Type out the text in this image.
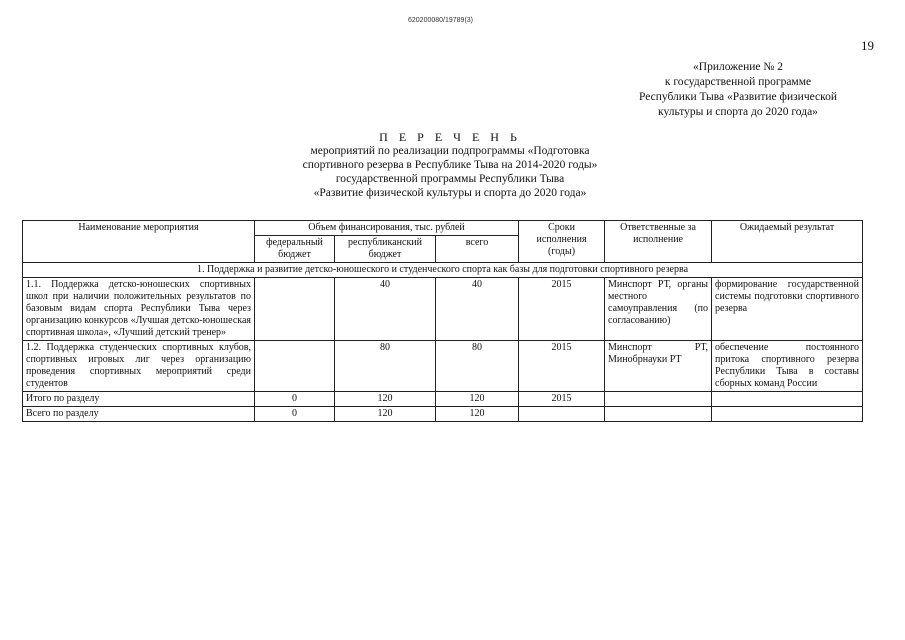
620200080/19789(3)
19
«Приложение № 2
к государственной программе
Республики Тыва «Развитие физической
культуры и спорта до 2020 года»
П Е Р Е Ч Е Н Ь
мероприятий по реализации подпрограммы «Подготовка
спортивного резерва в Республике Тыва на 2014-2020 годы»
государственной программы Республики Тыва
«Развитие физической культуры и спорта до 2020 года»
Наименование мероприятия	Объем финансирования, тыс. рублей			Сроки исполнения (годы)	Ответственные за исполнение	Ожидаемый результат
	федеральный бюджет	республиканский бюджет	всего			
1. Поддержка и развитие детско-юношеского и студенческого спорта как базы для подготовки спортивного резерва						
1.1. Поддержка детско-юношеских спортивных школ при наличии положительных результатов по базовым видам спорта Республики Тыва через организацию конкурсов «Лучшая детско-юношеская спортивная школа», «Лучший детский тренер»		40	40	2015	Минспорт РТ, органы местного самоуправления (по согласованию)	формирование государственной системы подготовки спортивного резерва
1.2. Поддержка студенческих спортивных клубов, спортивных игровых лиг через организацию проведения спортивных мероприятий среди студентов		80	80	2015	Минспорт РТ, Минобрнауки РТ	обеспечение постоянного притока спортивного резерва Республики Тыва в составы сборных команд России
Итого по разделу	0	120	120	2015		
Всего по разделу	0	120	120			
